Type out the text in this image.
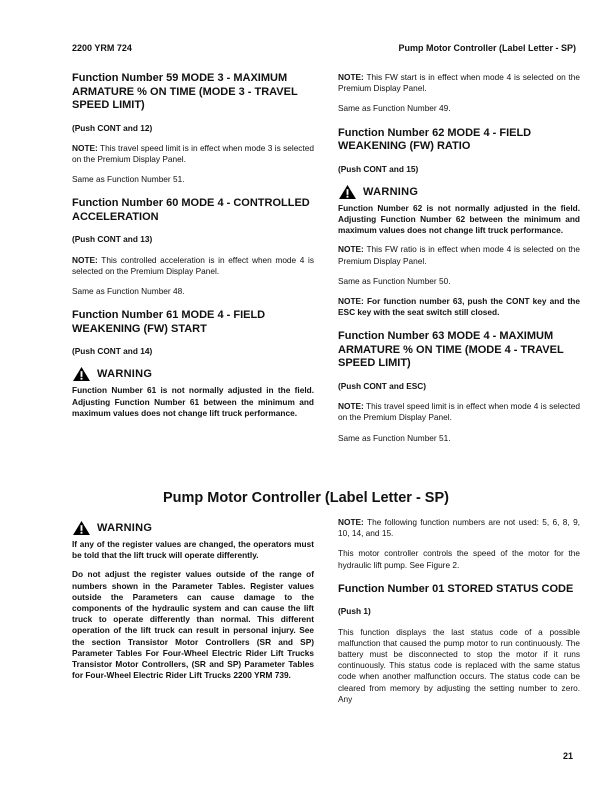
2200 YRM 724	Pump Motor Controller (Label Letter - SP)
Function Number 59 MODE 3 - MAXIMUM ARMATURE % ON TIME (MODE 3 - TRAVEL SPEED LIMIT)

(Push CONT and 12)

NOTE: This travel speed limit is in effect when mode 3 is selected on the Premium Display Panel.

Same as Function Number 51.

Function Number 60 MODE 4 - CONTROLLED ACCELERATION

(Push CONT and 13)

NOTE: This controlled acceleration is in effect when mode 4 is selected on the Premium Display Panel.

Same as Function Number 48.

Function Number 61 MODE 4 - FIELD WEAKENING (FW) START

(Push CONT and 14)

WARNING

Function Number 61 is not normally adjusted in the field. Adjusting Function Number 61 between the minimum and maximum values does not change lift truck performance.

NOTE: This FW start is in effect when mode 4 is selected on the Premium Display Panel.

Same as Function Number 49.

Function Number 62 MODE 4 - FIELD WEAKENING (FW) RATIO

(Push CONT and 15)

WARNING

Function Number 62 is not normally adjusted in the field. Adjusting Function Number 62 between the minimum and maximum values does not change lift truck performance.

NOTE: This FW ratio is in effect when mode 4 is selected on the Premium Display Panel.

Same as Function Number 50.

NOTE: For function number 63, push the CONT key and the ESC key with the seat switch still closed.

Function Number 63 MODE 4 - MAXIMUM ARMATURE % ON TIME (MODE 4 - TRAVEL SPEED LIMIT)

(Push CONT and ESC)

NOTE: This travel speed limit is in effect when mode 4 is selected on the Premium Display Panel.

Same as Function Number 51.

Pump Motor Controller (Label Letter - SP)
WARNING

If any of the register values are changed, the operators must be told that the lift truck will operate differently.

Do not adjust the register values outside of the range of numbers shown in the Parameter Tables. Register values outside the Parameters can cause damage to the components of the hydraulic system and can cause the lift truck to operate differently than normal. This different operation of the lift truck can result in personal injury. See the section Transistor Motor Controllers (SR and SP) Parameter Tables For Four-Wheel Electric Rider Lift Trucks Transistor Motor Controllers, (SR and SP) Parameter Tables for Four-Wheel Electric Rider Lift Trucks 2200 YRM 739.

NOTE: The following function numbers are not used: 5, 6, 8, 9, 10, 14, and 15.

This motor controller controls the speed of the motor for the hydraulic lift pump. See Figure 2.

Function Number 01 STORED STATUS CODE

(Push 1)

This function displays the last status code of a possible malfunction that caused the pump motor to run continuously. The battery must be disconnected to stop the motor if it runs continuously. This status code is replaced with the same status code when another malfunction occurs. The status code can be cleared from memory by adjusting the setting number to zero. Any

21
